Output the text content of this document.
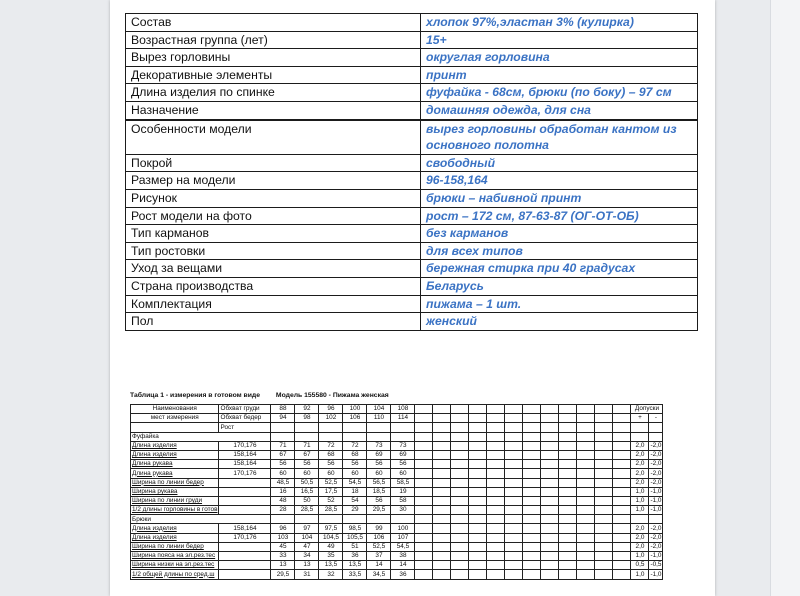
Состав	хлопок 97%,эластан 3% (кулирка)
Возрастная группа (лет)	15+
Вырез горловины	округлая горловина
Декоративные элементы	принт
Длина изделия по спинке	фуфайка - 68см, брюки (по боку) – 97 см
Назначение	домашняя одежда, для сна

Особенности модели	вырез горловины обработан кантом из основного полотна
Покрой	свободный
Размер на модели	96-158,164
Рисунок	брюки – набивной принт
Рост модели на фото	рост – 172 см, 87-63-87 (ОГ-ОТ-ОБ)
Тип карманов	без карманов
Тип ростовки	для всех типов
Уход за вещами	бережная стирка при 40 градусах
Страна производства	Беларусь
Комплектация	пижама – 1 шт.
Пол	женский
Таблица 1 - измерения в готовом виде Модель 155580 - Пижама женская
Наименования	Обхват груди	88	92	96	100	104	108													Допуски	
мест измерения	Обхват бедер	94	98	102	106	110	114													+	-
	Рост																				
Фуфайка																					
Длина изделия	170,176	71	71	72	72	73	73													2,0	-2,0
Длина изделия	158,164	67	67	68	68	69	69													2,0	-2,0
Длина рукава	158,164	56	56	56	56	56	56													2,0	-2,0
Длина рукава	170,176	60	60	60	60	60	60													2,0	-2,0
Ширина по линии бедер		48,5	50,5	52,5	54,5	56,5	58,5													2,0	-2,0
Ширина рукава		16	16,5	17,5	18	18,5	19													1,0	-1,0
Ширина по линии груди		48	50	52	54	56	58													1,0	-1,0
1/2 длины горловины в готов		28	28,5	28,5	29	29,5	30													1,0	-1,0
Брюки																					
Длина изделия	158,164	96	97	97,5	98,5	99	100													2,0	-2,0
Длина изделия	170,176	103	104	104,5	105,5	106	107													2,0	-2,0
Ширина по линии бедер		45	47	49	51	52,5	54,5													2,0	-2,0
Ширина пояса на эл.рез.тес		33	34	35	36	37	38													1,0	-1,0
Ширина низки на эл.рез.тес		13	13	13,5	13,5	14	14													0,5	-0,5
1/2 общей длины по сред.ш		29,5	31	32	33,5	34,5	36													1,0	-1,0
